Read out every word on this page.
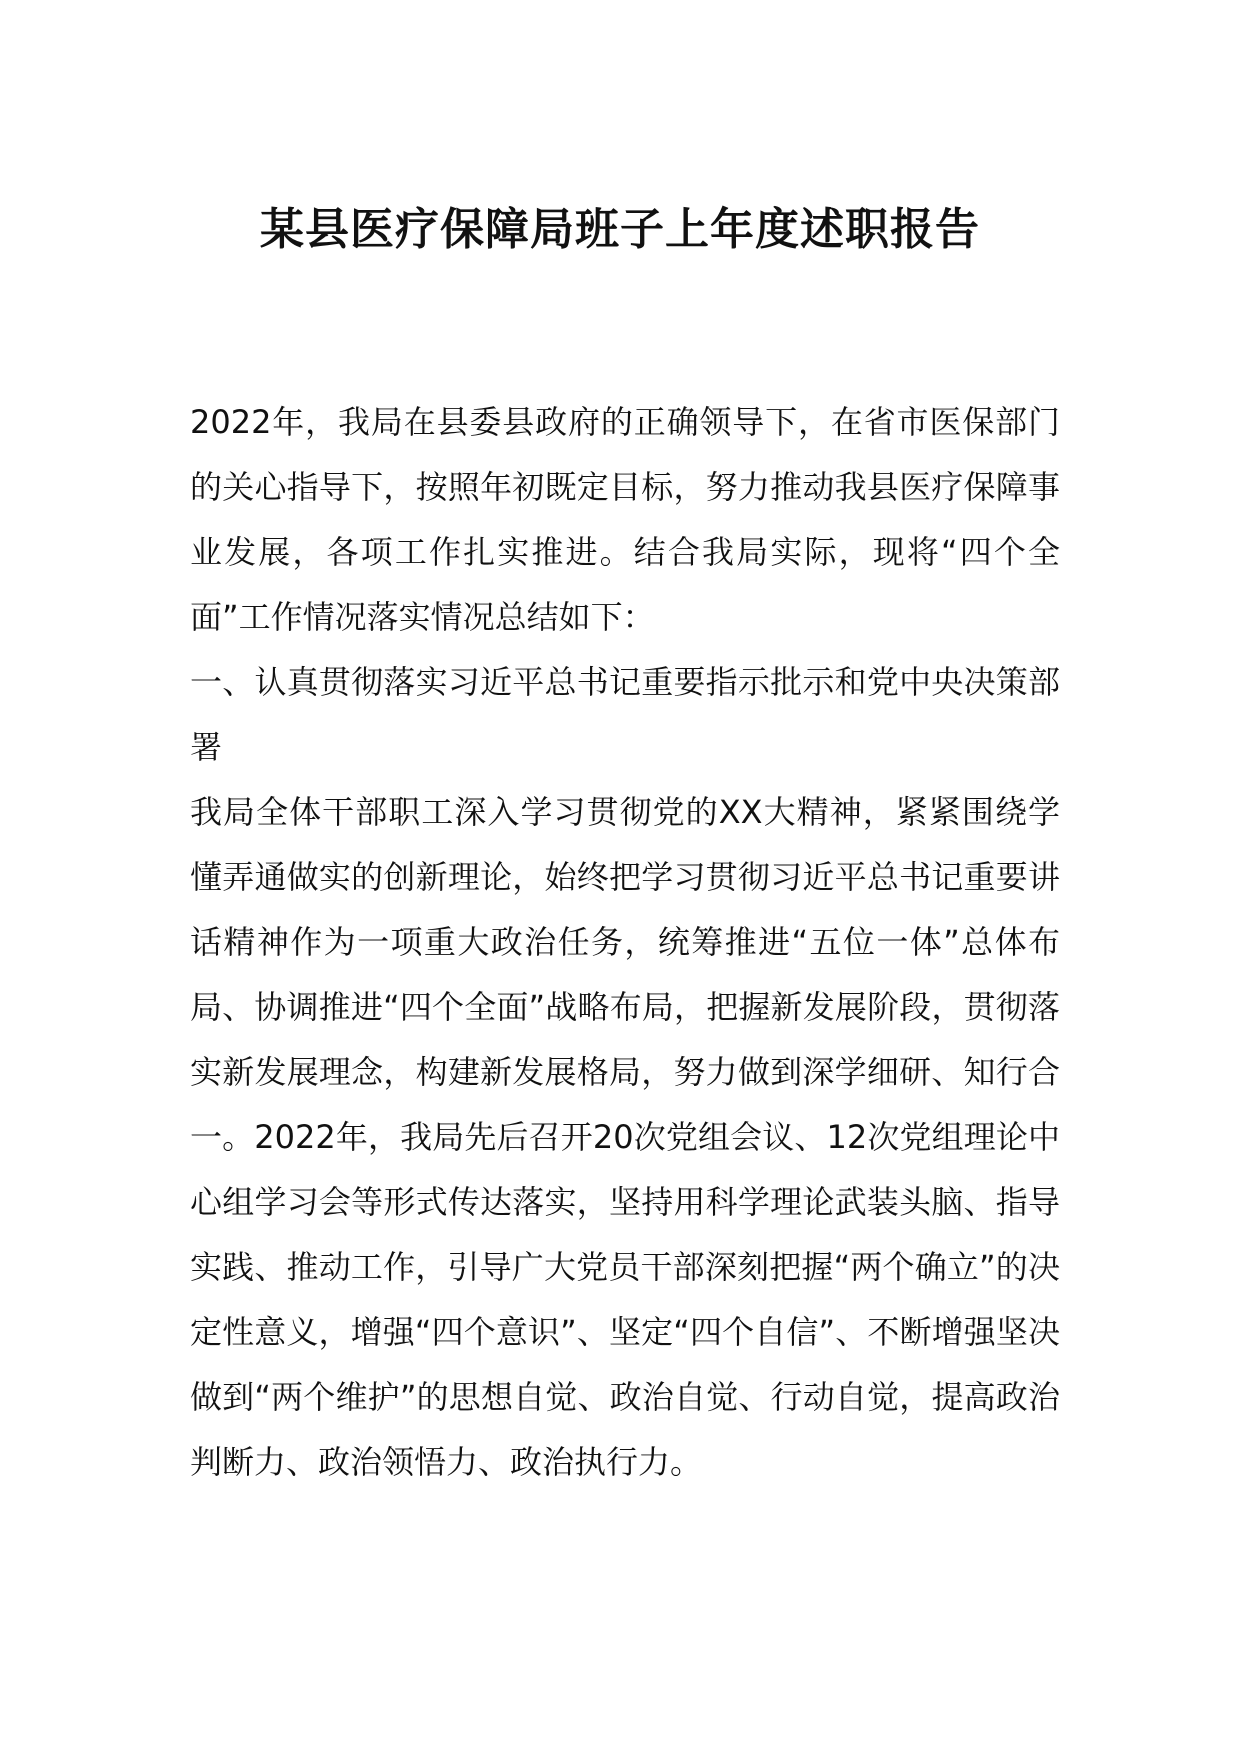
某县医疗保障局班子上年度述职报告

2022年，我局在县委县政府的正确领导下，在省市医保部门的关心指导下，按照年初既定目标，努力推动我县医疗保障事业发展，各项工作扎实推进。结合我局实际，现将“四个全面”工作情况落实情况总结如下：

一、认真贯彻落实习近平总书记重要指示批示和党中央决策部署

我局全体干部职工深入学习贯彻党的XX大精神，紧紧围绕学懂弄通做实的创新理论，始终把学习贯彻习近平总书记重要讲话精神作为一项重大政治任务，统筹推进“五位一体”总体布局、协调推进“四个全面”战略布局，把握新发展阶段，贯彻落实新发展理念，构建新发展格局，努力做到深学细研、知行合一。2022年，我局先后召开20次党组会议、12次党组理论中心组学习会等形式传达落实，坚持用科学理论武装头脑、指导实践、推动工作，引导广大党员干部深刻把握“两个确立”的决定性意义，增强“四个意识”、坚定“四个自信”、不断增强坚决做到“两个维护”的思想自觉、政治自觉、行动自觉，提高政治判断力、政治领悟力、政治执行力。
